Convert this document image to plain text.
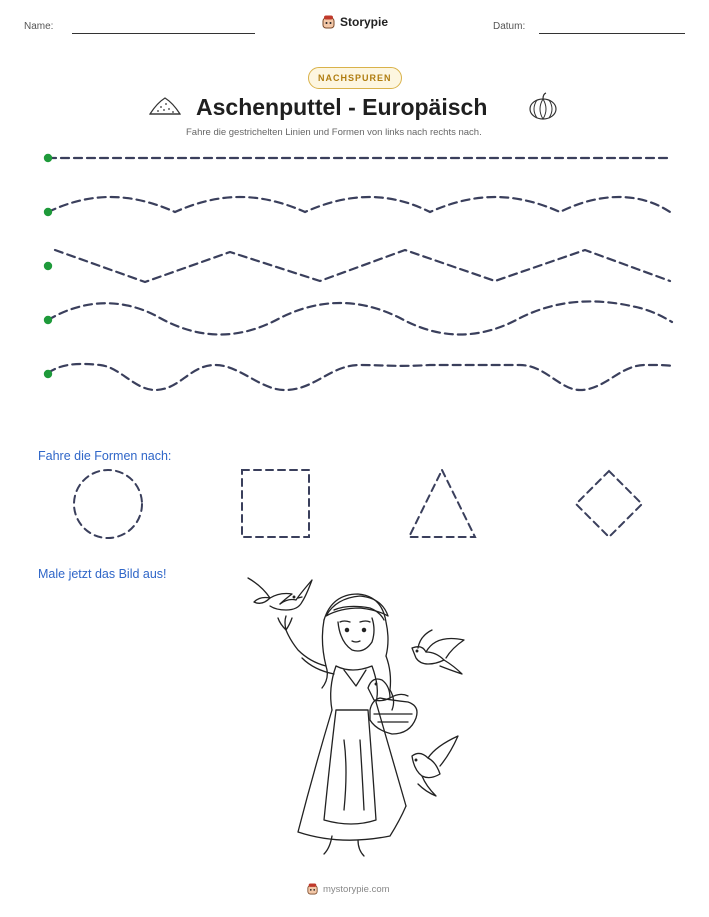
Name:	Storypie	Datum:
NACHSPUREN
Aschenputtel - Europäisch
Fahre die gestrichelten Linien und Formen von links nach rechts nach.
Fahre die Formen nach:
Male jetzt das Bild aus!
mystorypie.com
